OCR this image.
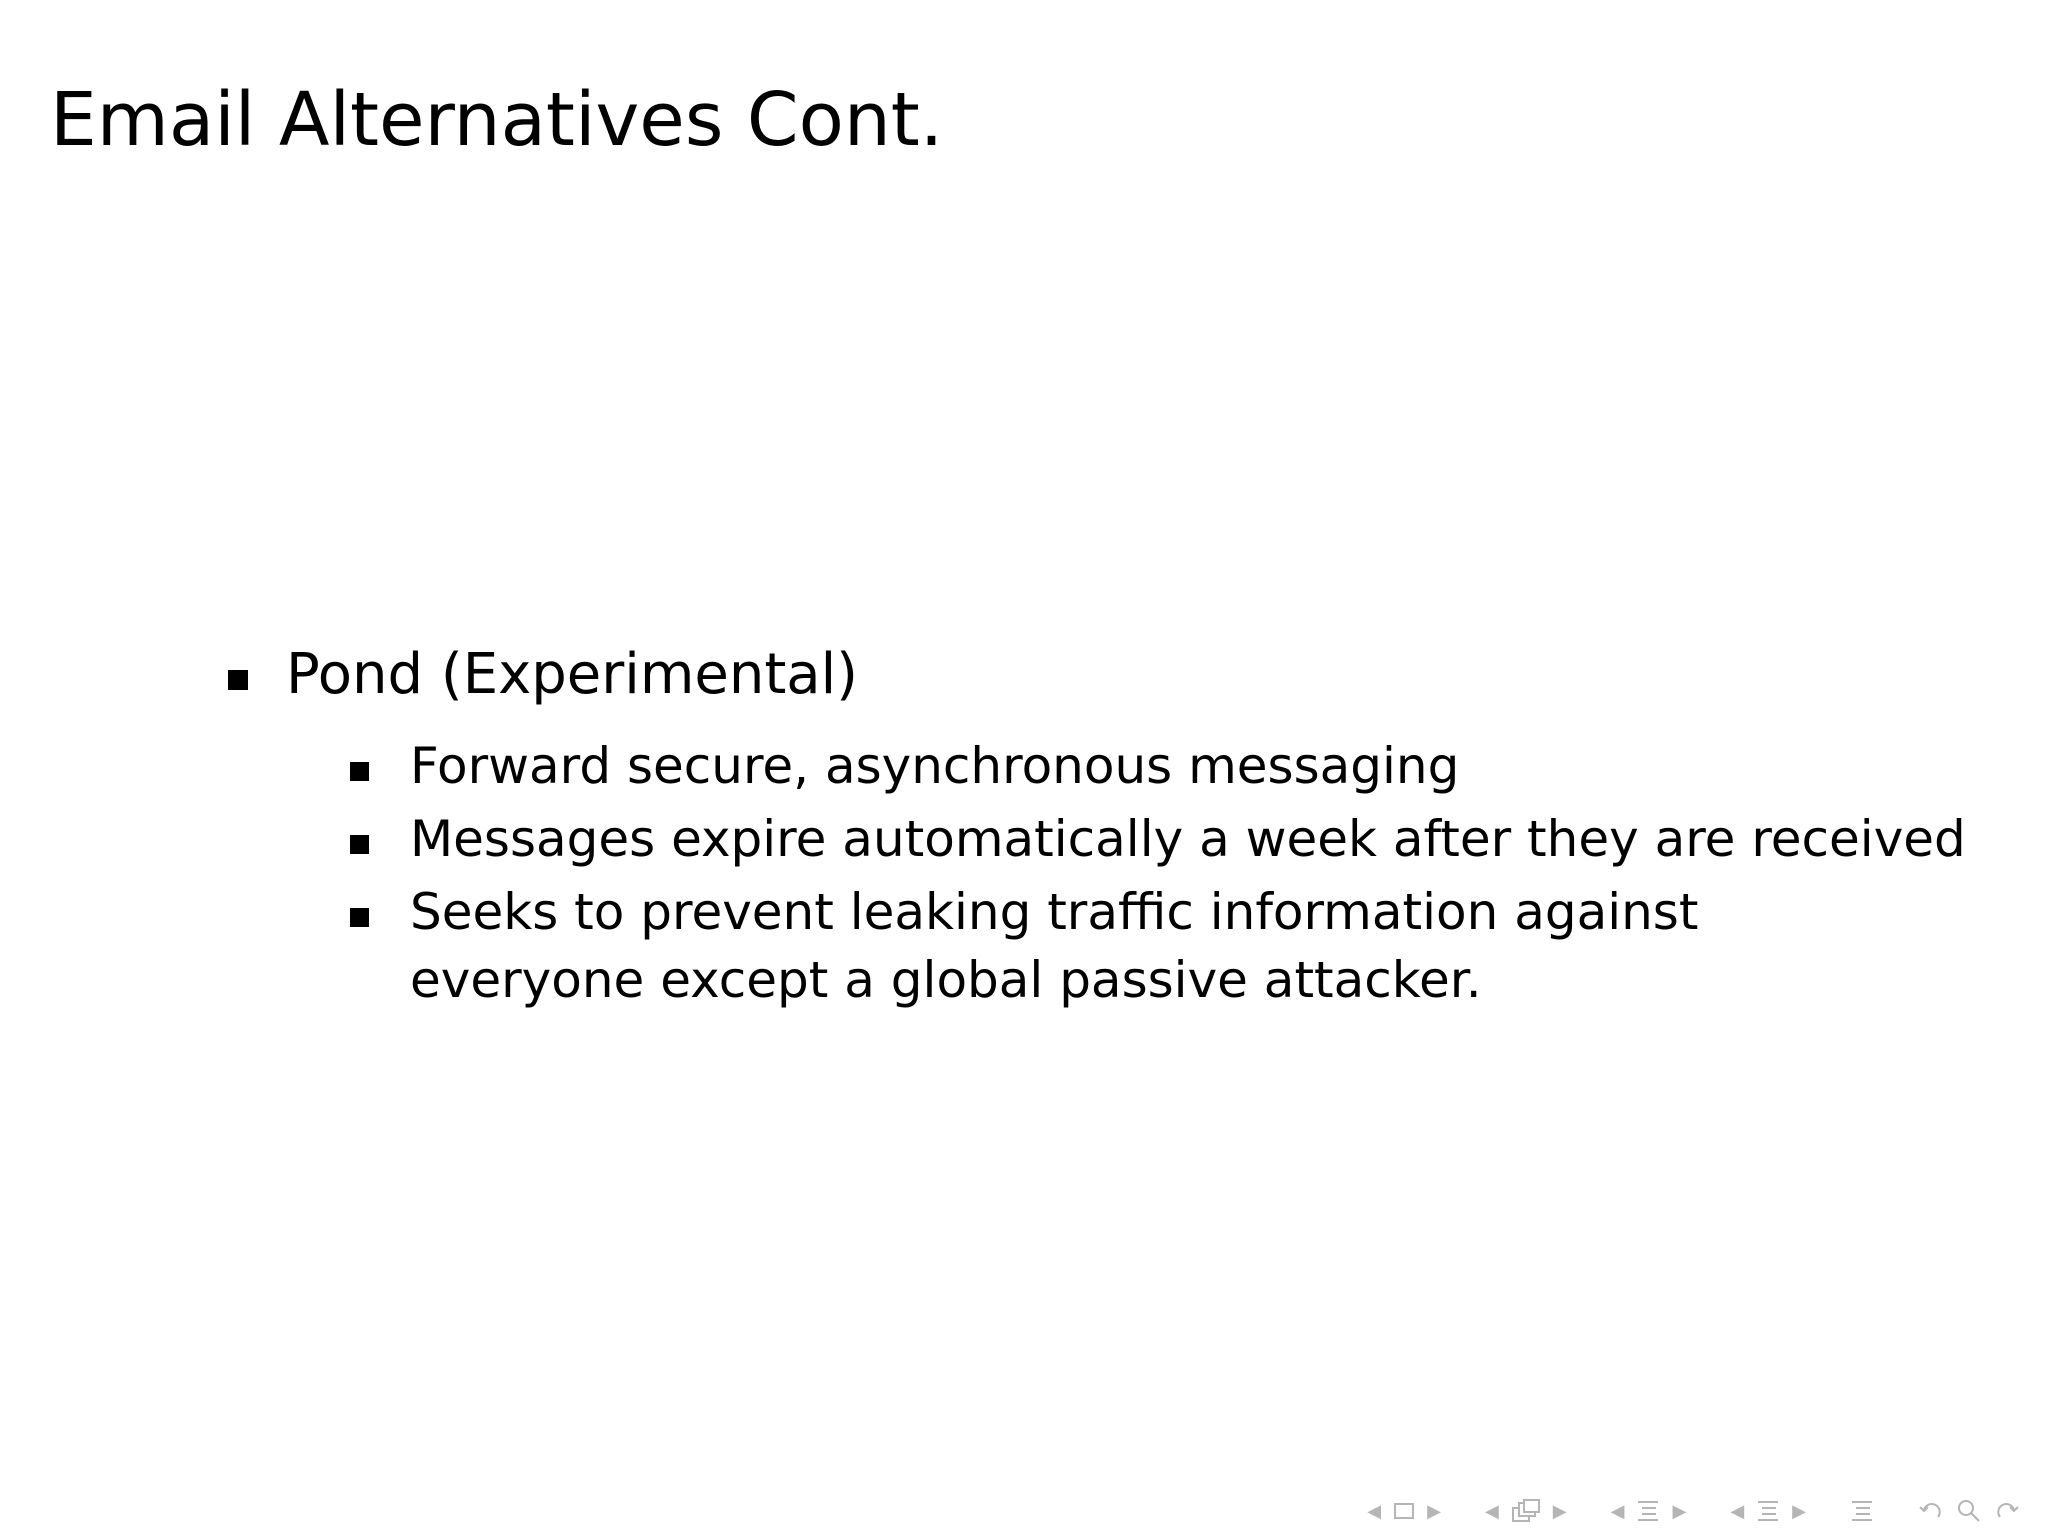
Email Alternatives Cont.
Pond (Experimental)
Forward secure, asynchronous messaging
Messages expire automatically a week after they are received
Seeks to prevent leaking traffic information against everyone except a global passive attacker.
◀	▶ ◀	▶ ◀	▶ ◀	▶
